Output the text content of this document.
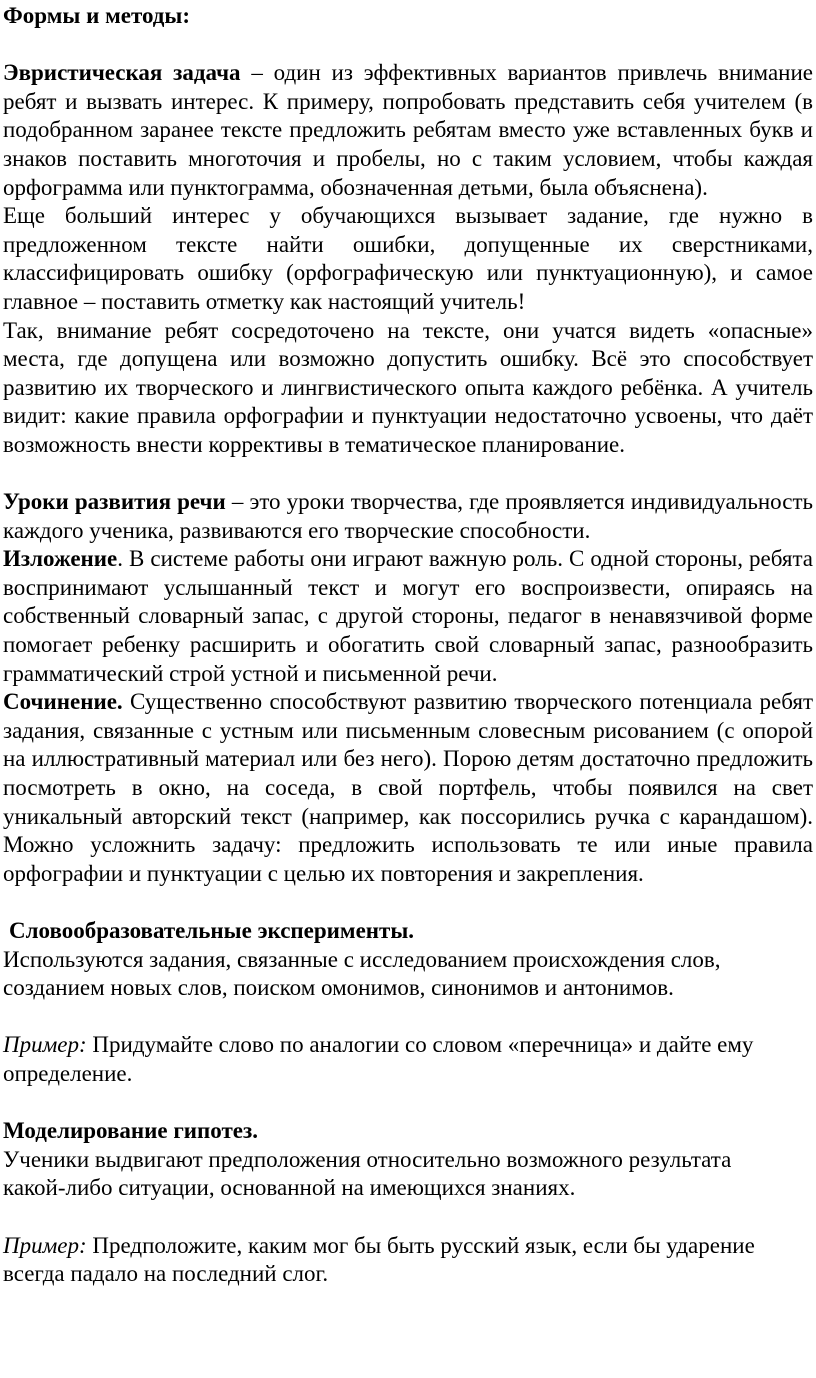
Формы и методы:

Эвристическая задача – один из эффективных вариантов привлечь внимание ребят и вызвать интерес. К примеру, попробовать представить себя учителем (в подобранном заранее тексте предложить ребятам вместо уже вставленных букв и знаков поставить многоточия и пробелы, но с таким условием, чтобы каждая орфограмма или пунктограмма, обозначенная детьми, была объяснена).

Еще больший интерес у обучающихся вызывает задание, где нужно в предложенном тексте найти ошибки, допущенные их сверстниками, классифицировать ошибку (орфографическую или пунктуационную), и самое главное – поставить отметку как настоящий учитель!

Так, внимание ребят сосредоточено на тексте, они учатся видеть «опасные» места, где допущена или возможно допустить ошибку. Всё это способствует развитию их творческого и лингвистического опыта каждого ребёнка. А учитель видит: какие правила орфографии и пунктуации недостаточно усвоены, что даёт возможность внести коррективы в тематическое планирование.

Уроки развития речи – это уроки творчества, где проявляется индивидуальность каждого ученика, развиваются его творческие способности.

Изложение. В системе работы они играют важную роль. С одной стороны, ребята воспринимают услышанный текст и могут его воспроизвести, опираясь на собственный словарный запас, с другой стороны, педагог в ненавязчивой форме помогает ребенку расширить и обогатить свой словарный запас, разнообразить грамматический строй устной и письменной речи.

Сочинение. Существенно способствуют развитию творческого потенциала ребят задания, связанные с устным или письменным словесным рисованием (с опорой на иллюстративный материал или без него). Порою детям достаточно предложить посмотреть в окно, на соседа, в свой портфель, чтобы появился на свет уникальный авторский текст (например, как поссорились ручка с карандашом). Можно усложнить задачу: предложить использовать те или иные правила орфографии и пунктуации с целью их повторения и закрепления.

Словообразовательные эксперименты.

Используются задания, связанные с исследованием происхождения слов,

созданием новых слов, поиском омонимов, синонимов и антонимов.

Пример: Придумайте слово по аналогии со словом «перечница» и дайте ему определение.

Моделирование гипотез.

Ученики выдвигают предположения относительно возможного результата

какой-либо ситуации, основанной на имеющихся знаниях.

Пример: Предположите, каким мог бы быть русский язык, если бы ударение всегда падало на последний слог.
